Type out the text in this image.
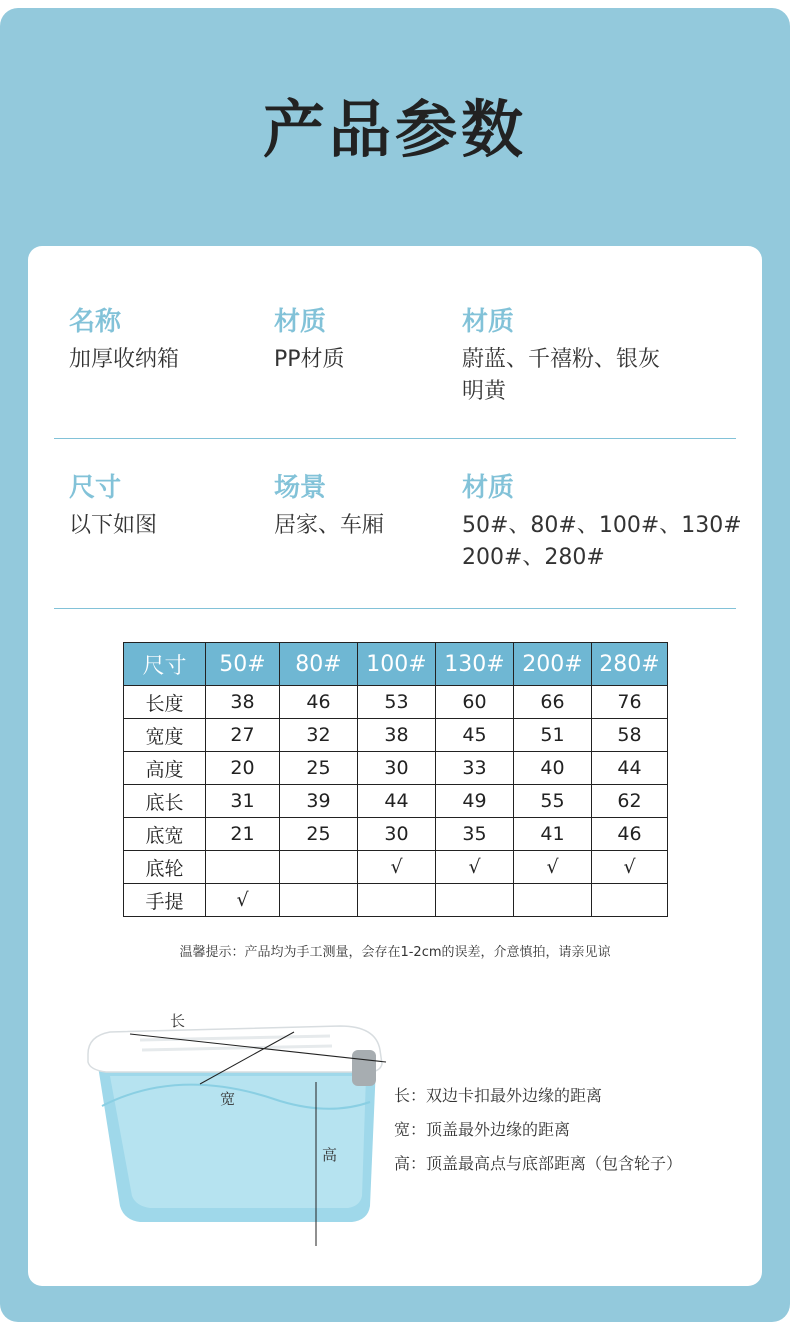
产品参数
名称
加厚收纳箱
材质
PP材质
材质
蔚蓝、千禧粉、银灰
明黄
尺寸
以下如图
场景
居家、车厢
材质
50#、80#、100#、130#
200#、280#
尺寸	50#	80#	100#	130#	200#	280#
长度	38	46	53	60	66	76
宽度	27	32	38	45	51	58
高度	20	25	30	33	40	44
底长	31	39	44	49	55	62
底宽	21	25	30	35	41	46
底轮			√	√	√	√
手提	√					
温馨提示：产品均为手工测量，会存在1-2cm的误差，介意慎拍，请亲见谅
长
宽
高
长：双边卡扣最外边缘的距离
宽：顶盖最外边缘的距离
高：顶盖最高点与底部距离（包含轮子）
